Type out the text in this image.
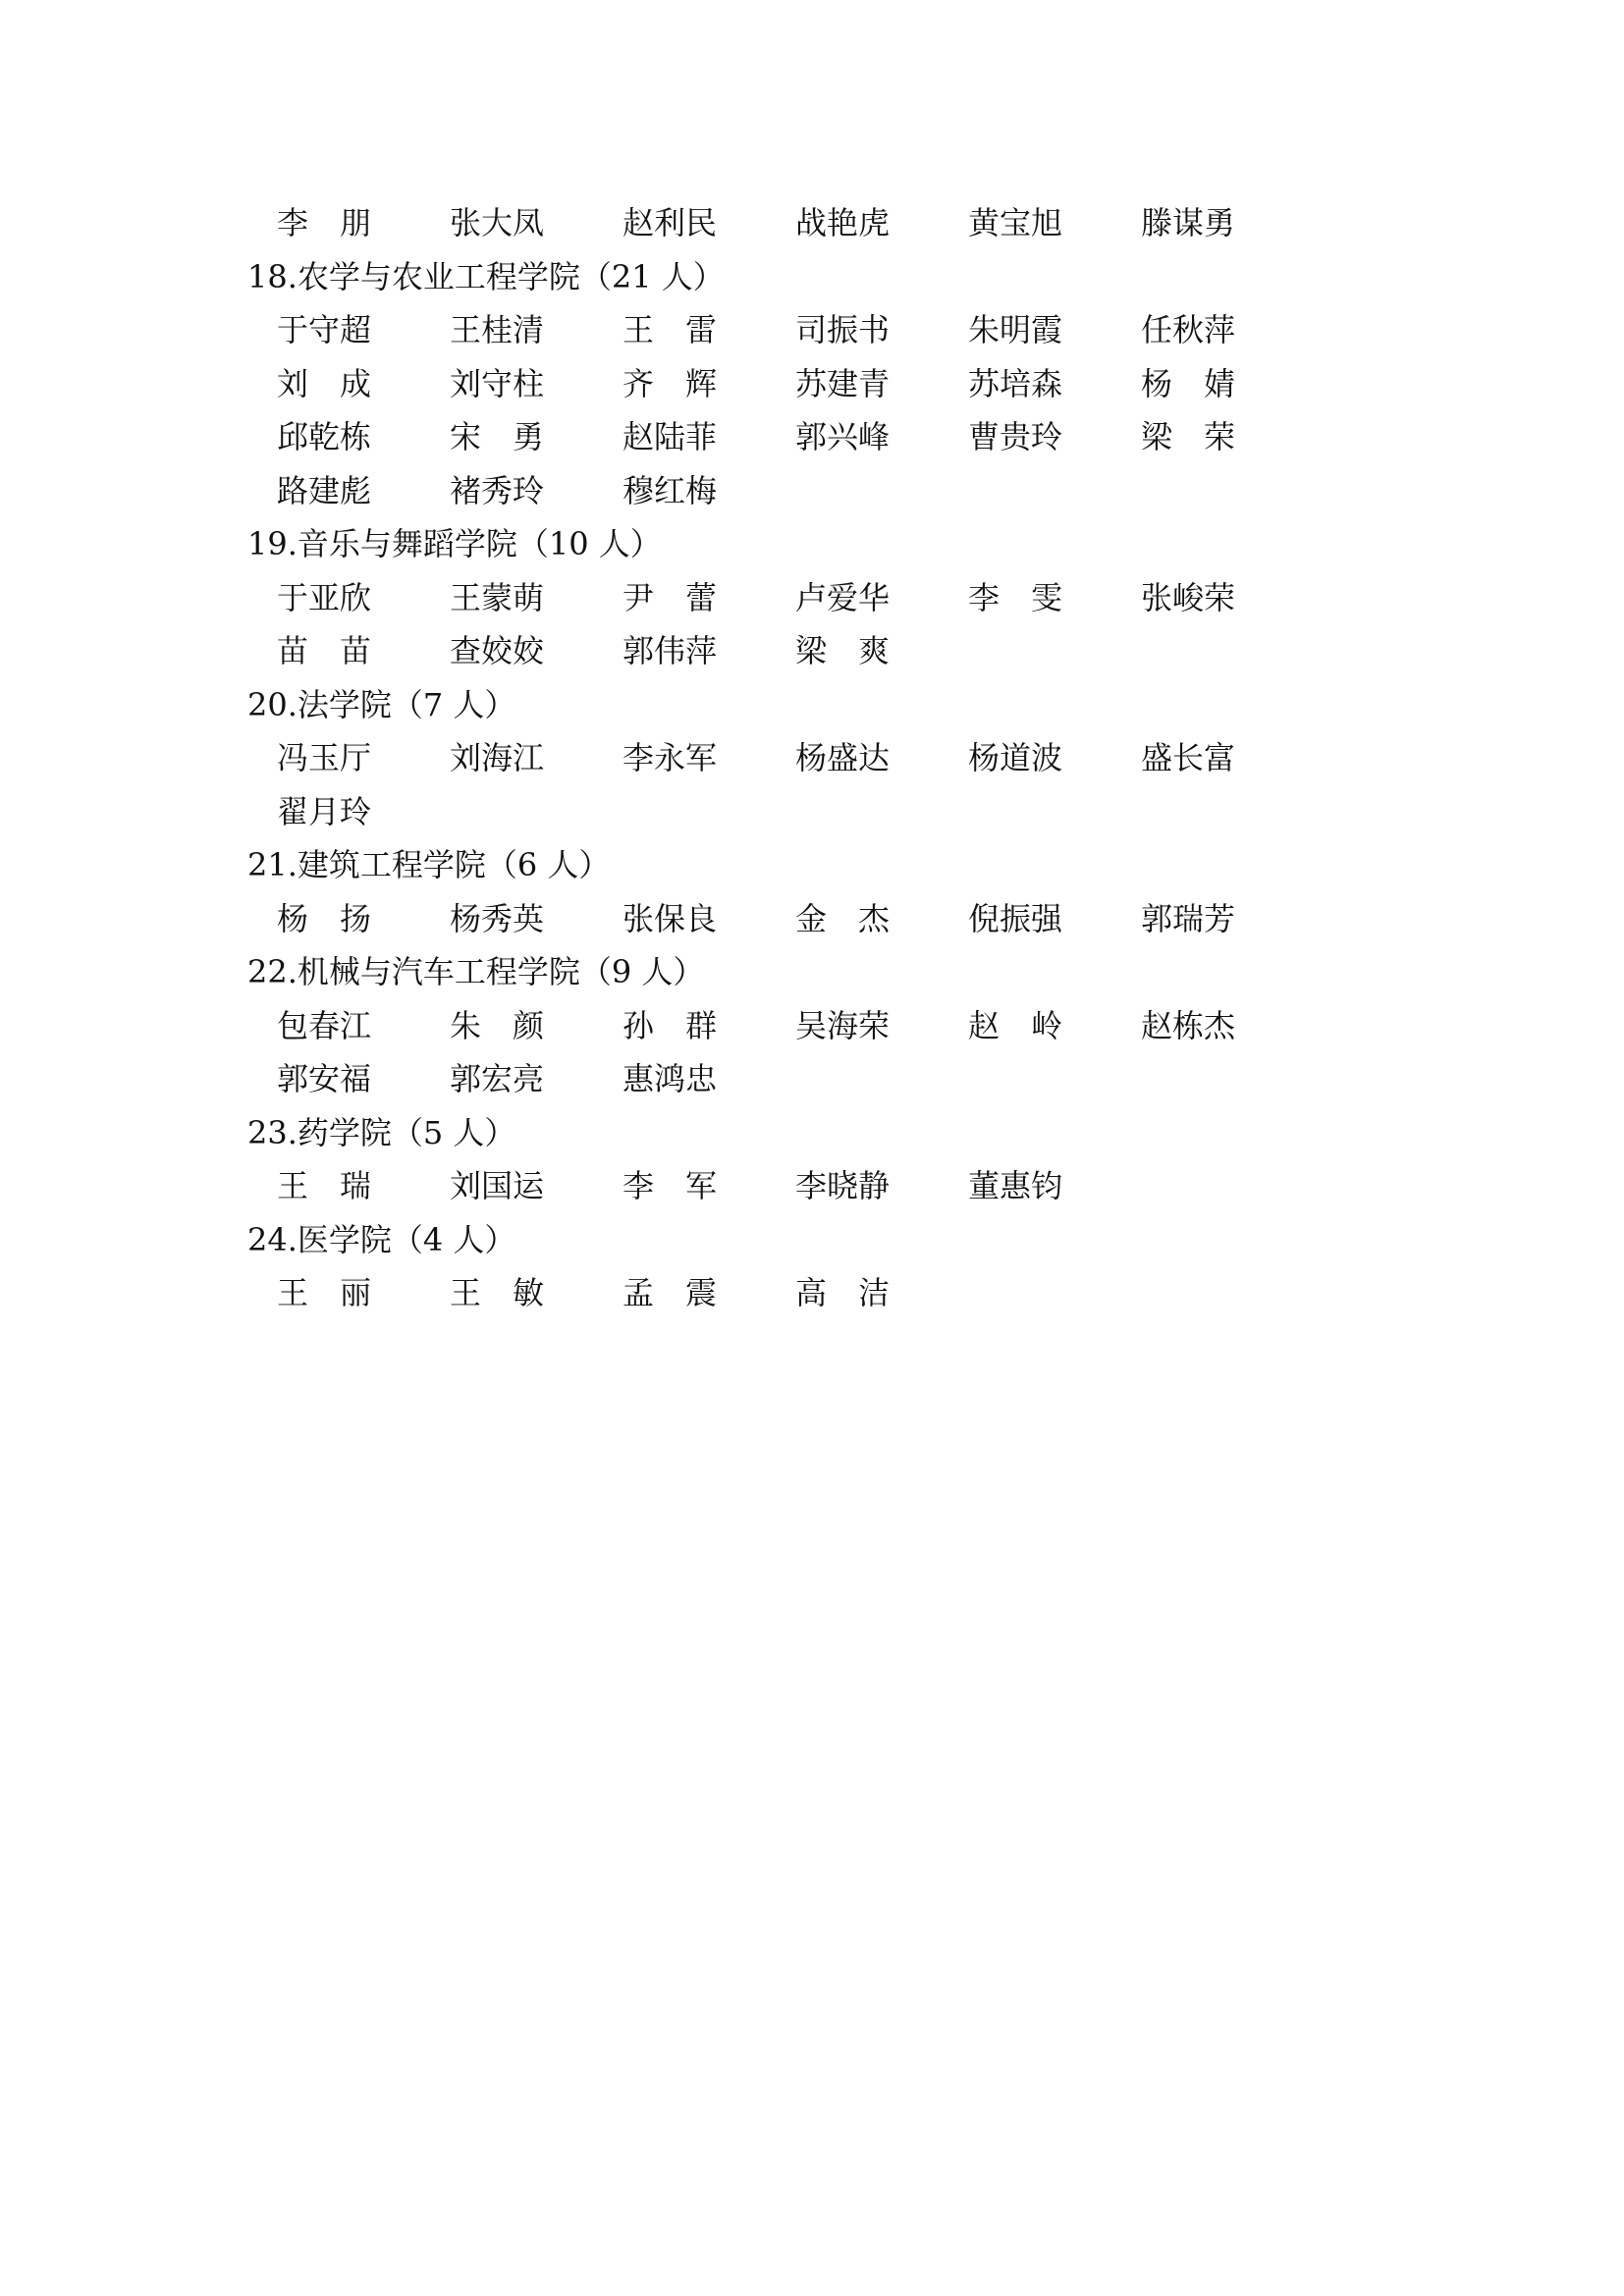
李　朋 张大凤 赵利民 战艳虎 黄宝旭 滕谋勇
18.农学与农业工程学院（21 人）
于守超 王桂清 王　雷 司振书 朱明霞 任秋萍
刘　成 刘守柱 齐　辉 苏建青 苏培森 杨　婧
邱乾栋 宋　勇 赵陆菲 郭兴峰 曹贵玲 梁　荣
路建彪 褚秀玲 穆红梅
19.音乐与舞蹈学院（10 人）
于亚欣 王蒙萌 尹　蕾 卢爱华 李　雯 张峻荣
苗　苗 查姣姣 郭伟萍 梁　爽
20.法学院（7 人）
冯玉厅 刘海江 李永军 杨盛达 杨道波 盛长富
翟月玲
21.建筑工程学院（6 人）
杨　扬 杨秀英 张保良 金　杰 倪振强 郭瑞芳
22.机械与汽车工程学院（9 人）
包春江 朱　颜 孙　群 吴海荣 赵　岭 赵栋杰
郭安福 郭宏亮 惠鸿忠
23.药学院（5 人）
王　瑞 刘国运 李　军 李晓静 董惠钧
24.医学院（4 人）
王　丽 王　敏 孟　震 高　洁
